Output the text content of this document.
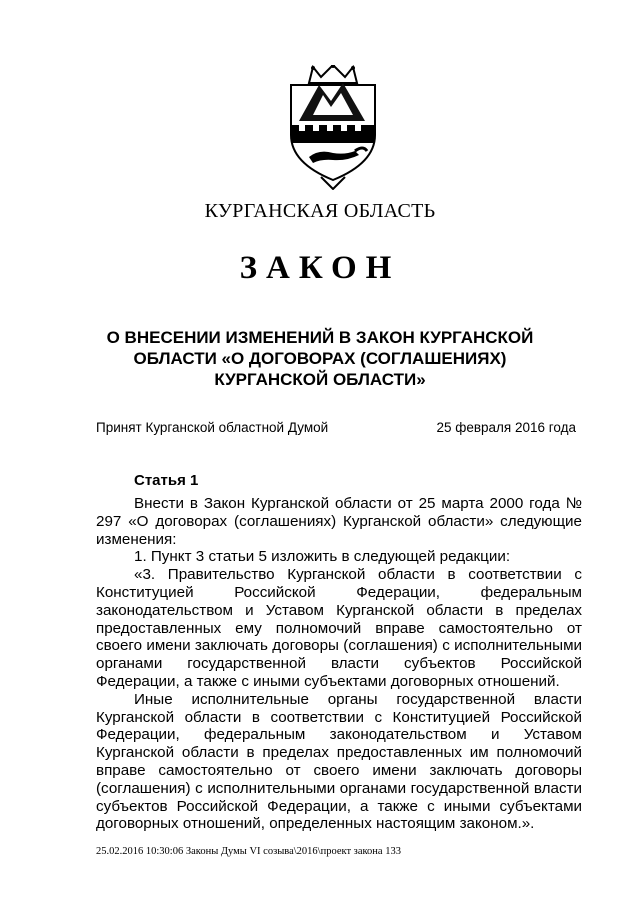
КУРГАНСКАЯ ОБЛАСТЬ
ЗАКОН
О ВНЕСЕНИИ ИЗМЕНЕНИЙ В ЗАКОН КУРГАНСКОЙ
ОБЛАСТИ «О ДОГОВОРАХ (СОГЛАШЕНИЯХ)
КУРГАНСКОЙ ОБЛАСТИ»
Принят Курганской областной Думой	25 февраля 2016 года
Статья 1

Внести в Закон Курганской области от 25 марта 2000 года № 297 «О договорах (соглашениях) Курганской области» следующие изменения:

1. Пункт 3 статьи 5 изложить в следующей редакции:

«3. Правительство Курганской области в соответствии с Конституцией Российской Федерации, федеральным законодательством и Уставом Курганской области в пределах предоставленных ему полномочий вправе самостоятельно от своего имени заключать договоры (соглашения) с исполнительными органами государственной власти субъектов Российской Федерации, а также с иными субъектами договорных отношений.

Иные исполнительные органы государственной власти Курганской области в соответствии с Конституцией Российской Федерации, федеральным законодательством и Уставом Курганской области в пределах предоставленных им полномочий вправе самостоятельно от своего имени заключать договоры (соглашения) с исполнительными органами государственной власти субъектов Российской Федерации, а также с иными субъектами договорных отношений, определенных настоящим законом.».

25.02.2016 10:30:06 Законы Думы VI созыва\2016\проект закона 133
